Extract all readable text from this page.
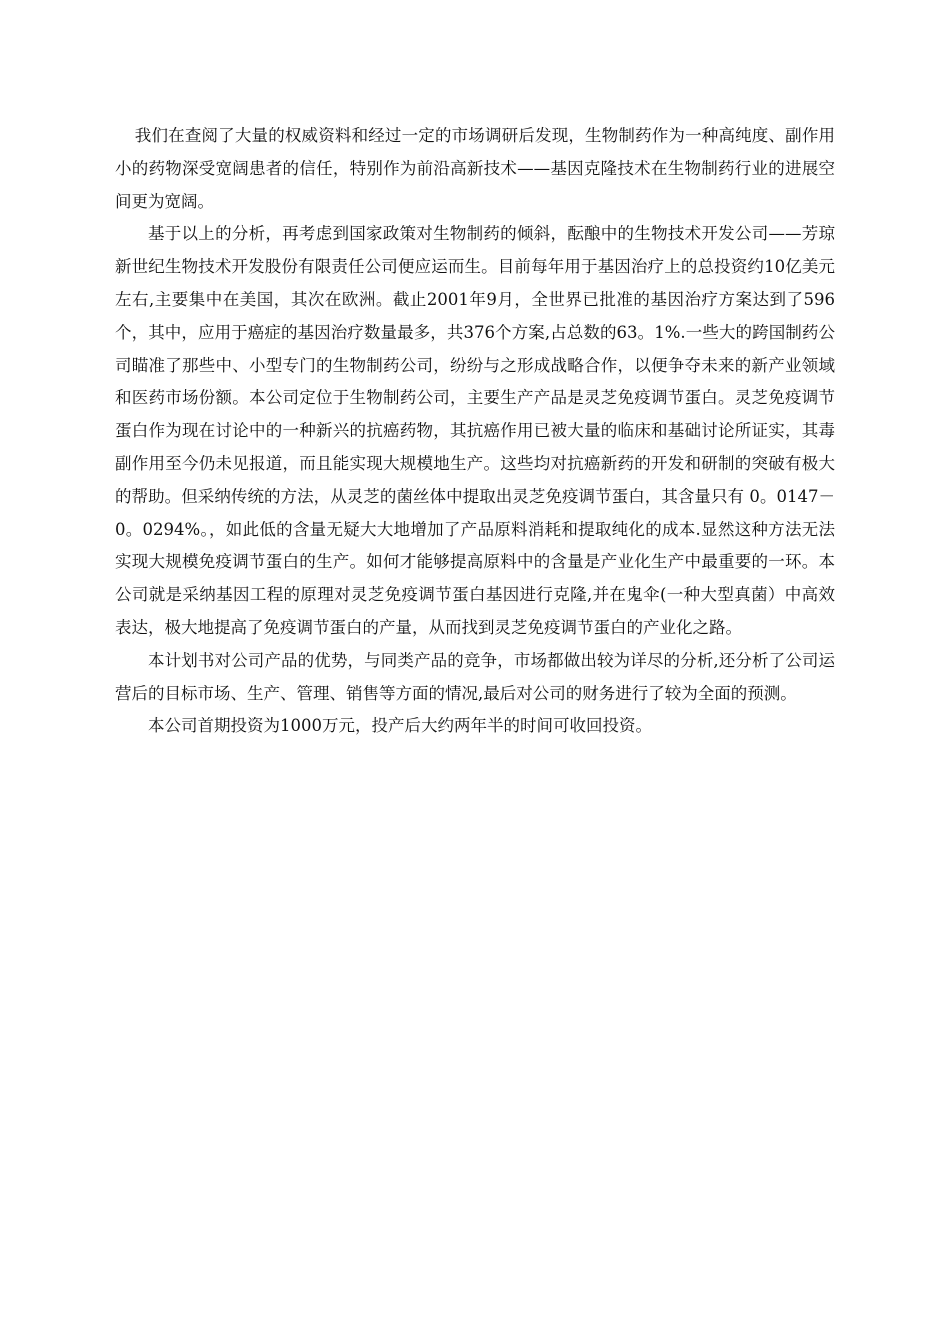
我们在查阅了大量的权威资料和经过一定的市场调研后发现，生物制药作为一种高纯度、副作用小的药物深受宽阔患者的信任，特别作为前沿高新技术——基因克隆技术在生物制药行业的进展空间更为宽阔。

基于以上的分析，再考虑到国家政策对生物制药的倾斜，酝酿中的生物技术开发公司——芳琼新世纪生物技术开发股份有限责任公司便应运而生。目前每年用于基因治疗上的总投资约10亿美元左右,主要集中在美国，其次在欧洲。截止2001年9月，全世界已批准的基因治疗方案达到了596个，其中，应用于癌症的基因治疗数量最多，共376个方案,占总数的63。1%.一些大的跨国制药公司瞄准了那些中、小型专门的生物制药公司，纷纷与之形成战略合作，以便争夺未来的新产业领域和医药市场份额。本公司定位于生物制药公司，主要生产产品是灵芝免疫调节蛋白。灵芝免疫调节蛋白作为现在讨论中的一种新兴的抗癌药物，其抗癌作用已被大量的临床和基础讨论所证实，其毒副作用至今仍未见报道，而且能实现大规模地生产。这些均对抗癌新药的开发和研制的突破有极大的帮助。但采纳传统的方法，从灵芝的菌丝体中提取出灵芝免疫调节蛋白，其含量只有 0。0147－0。0294%。，如此低的含量无疑大大地增加了产品原料消耗和提取纯化的成本.显然这种方法无法实现大规模免疫调节蛋白的生产。如何才能够提高原料中的含量是产业化生产中最重要的一环。本公司就是采纳基因工程的原理对灵芝免疫调节蛋白基因进行克隆,并在鬼伞(一种大型真菌）中高效表达，极大地提高了免疫调节蛋白的产量，从而找到灵芝免疫调节蛋白的产业化之路。

本计划书对公司产品的优势，与同类产品的竞争，市场都做出较为详尽的分析,还分析了公司运营后的目标市场、生产、管理、销售等方面的情况,最后对公司的财务进行了较为全面的预测。

本公司首期投资为1000万元，投产后大约两年半的时间可收回投资。
